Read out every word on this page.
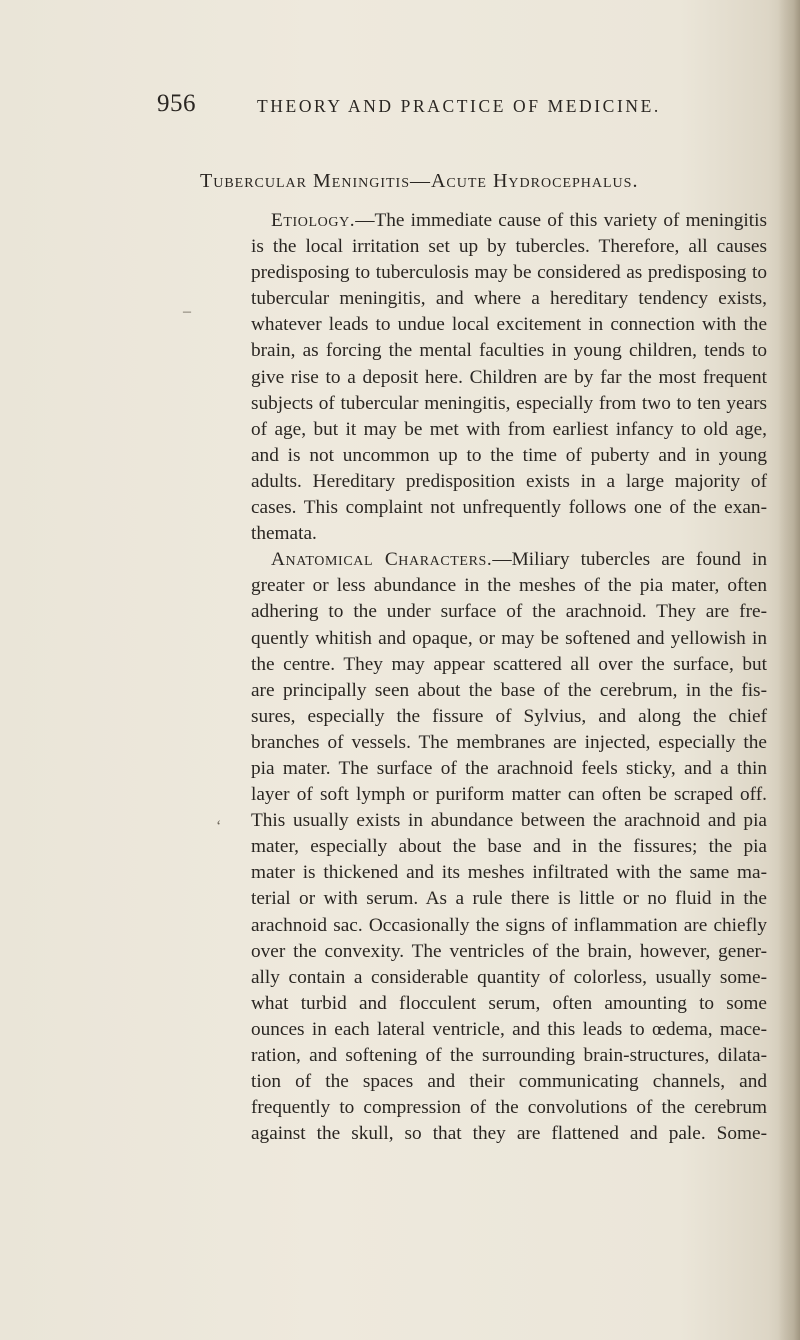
956	THEORY AND PRACTICE OF MEDICINE.
Tubercular Meningitis—Acute Hydrocephalus.
Etiology.—The immediate cause of this variety of meningitis
is the local irritation set up by tubercles. Therefore, all causes
predisposing to tuberculosis may be considered as predisposing to
tubercular meningitis, and where a hereditary tendency exists,
whatever leads to undue local excitement in connection with the
brain, as forcing the mental faculties in young children, tends to
give rise to a deposit here. Children are by far the most frequent
subjects of tubercular meningitis, especially from two to ten years
of age, but it may be met with from earliest infancy to old age,
and is not uncommon up to the time of puberty and in young
adults. Hereditary predisposition exists in a large majority of
cases. This complaint not unfrequently follows one of the exan-
themata.
Anatomical Characters.—Miliary tubercles are found in
greater or less abundance in the meshes of the pia mater, often
adhering to the under surface of the arachnoid. They are fre-
quently whitish and opaque, or may be softened and yellowish in
the centre. They may appear scattered all over the surface, but
are principally seen about the base of the cerebrum, in the fis-
sures, especially the fissure of Sylvius, and along the chief
branches of vessels. The membranes are injected, especially the
pia mater. The surface of the arachnoid feels sticky, and a thin
layer of soft lymph or puriform matter can often be scraped off.
This usually exists in abundance between the arachnoid and pia
mater, especially about the base and in the fissures; the pia
mater is thickened and its meshes infiltrated with the same ma-
terial or with serum. As a rule there is little or no fluid in the
arachnoid sac. Occasionally the signs of inflammation are chiefly
over the convexity. The ventricles of the brain, however, gener-
ally contain a considerable quantity of colorless, usually some-
what turbid and flocculent serum, often amounting to some
ounces in each lateral ventricle, and this leads to œdema, mace-
ration, and softening of the surrounding brain-structures, dilata-
tion of the spaces and their communicating channels, and
frequently to compression of the convolutions of the cerebrum
against the skull, so that they are flattened and pale. Some-
–
‘
